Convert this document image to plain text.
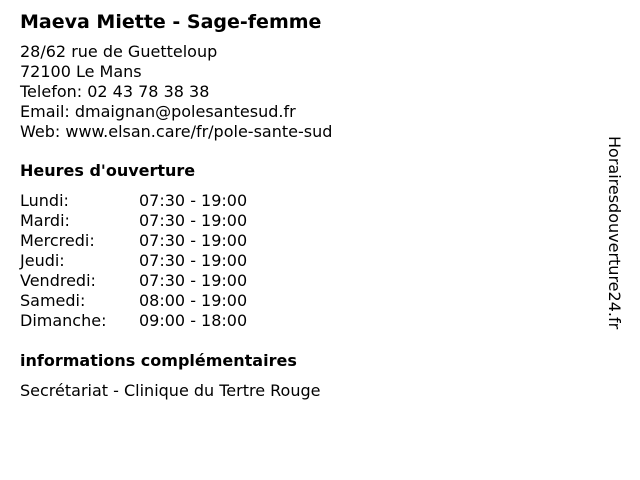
Maeva Miette - Sage-femme
28/62 rue de Guetteloup
72100 Le Mans
Telefon: 02 43 78 38 38
Email: dmaignan@polesantesud.fr
Web: www.elsan.care/fr/pole-sante-sud
Heures d'ouverture
Lundi:	07:30 - 19:00
Mardi:	07:30 - 19:00
Mercredi:	07:30 - 19:00
Jeudi:	07:30 - 19:00
Vendredi:	07:30 - 19:00
Samedi:	08:00 - 19:00
Dimanche:	09:00 - 18:00
informations complémentaires
Secrétariat - Clinique du Tertre Rouge
Horairesdouverture24.fr
